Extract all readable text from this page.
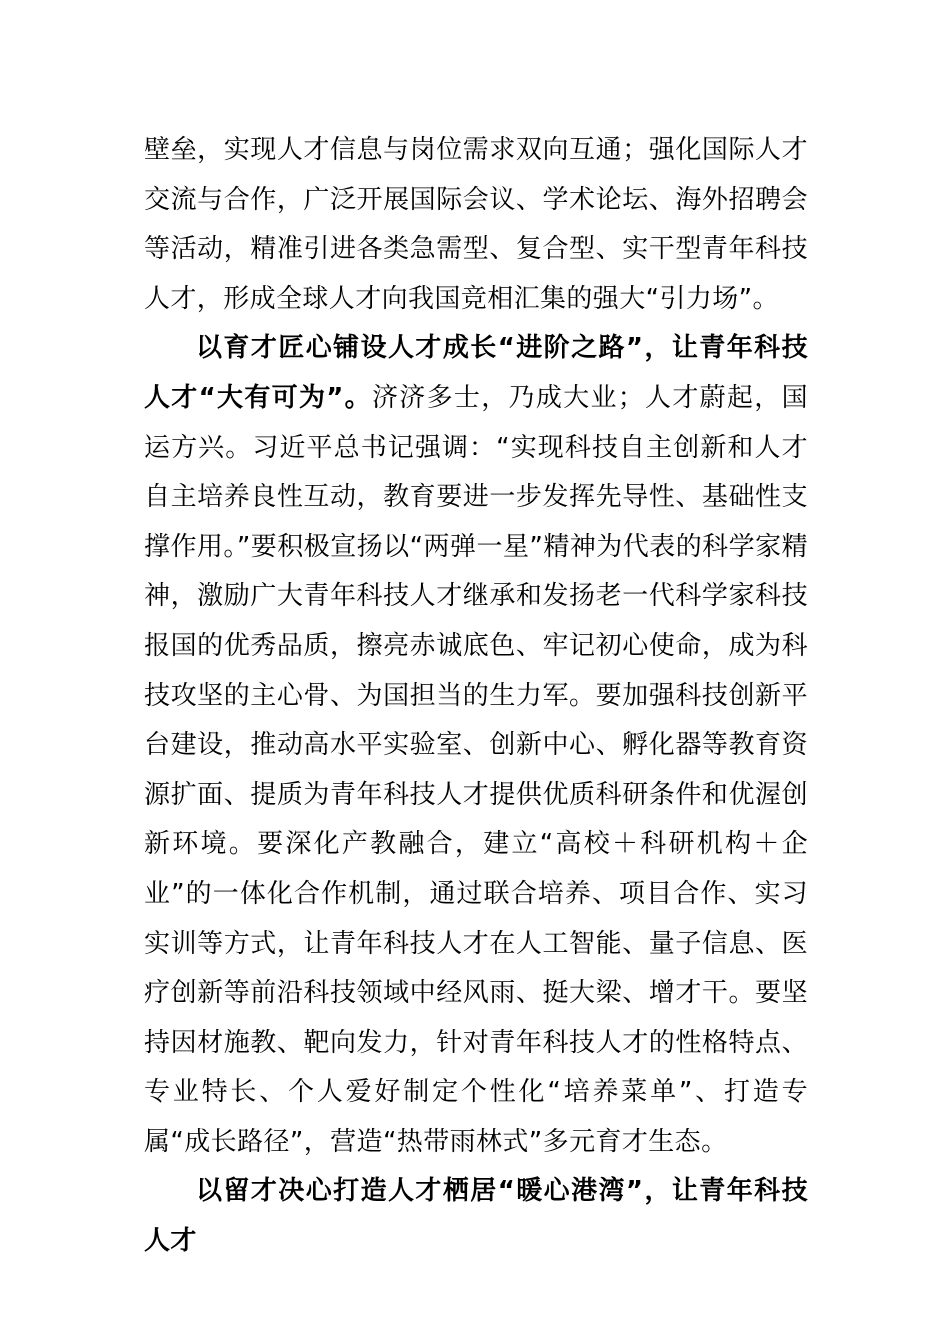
壁垒，实现人才信息与岗位需求双向互通；强化国际人才交流与合作，广泛开展国际会议、学术论坛、海外招聘会等活动，精准引进各类急需型、复合型、实干型青年科技人才，形成全球人才向我国竞相汇集的强大“引力场”。

以育才匠心铺设人才成长“进阶之路”，让青年科技人才“大有可为”。济济多士，乃成大业；人才蔚起，国运方兴。习近平总书记强调：“实现科技自主创新和人才自主培养良性互动，教育要进一步发挥先导性、基础性支撑作用。”要积极宣扬以“两弹一星”精神为代表的科学家精神，激励广大青年科技人才继承和发扬老一代科学家科技报国的优秀品质，擦亮赤诚底色、牢记初心使命，成为科技攻坚的主心骨、为国担当的生力军。要加强科技创新平台建设，推动高水平实验室、创新中心、孵化器等教育资源扩面、提质为青年科技人才提供优质科研条件和优渥创新环境。要深化产教融合，建立“高校＋科研机构＋企业”的一体化合作机制，通过联合培养、项目合作、实习实训等方式，让青年科技人才在人工智能、量子信息、医疗创新等前沿科技领域中经风雨、挺大梁、增才干。要坚持因材施教、靶向发力，针对青年科技人才的性格特点、专业特长、个人爱好制定个性化“培养菜单”、打造专属“成长路径”，营造“热带雨林式”多元育才生态。

以留才决心打造人才栖居“暖心港湾”，让青年科技人才
